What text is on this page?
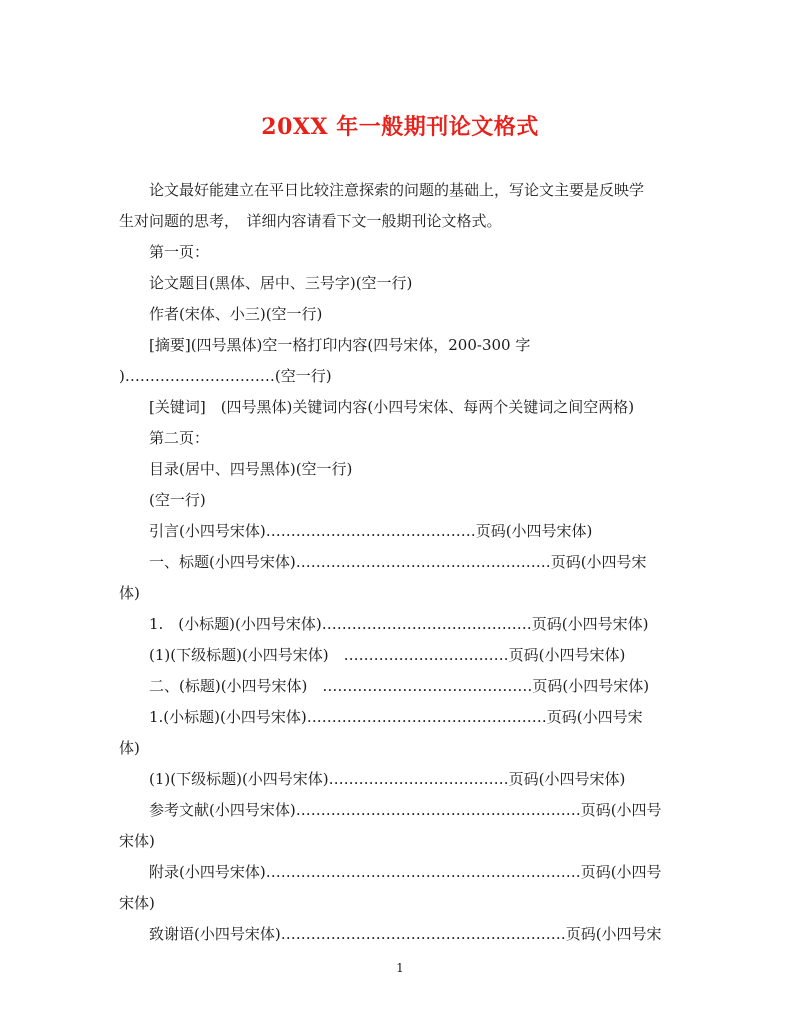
20XX 年一般期刊论文格式
　　论文最好能建立在平日比较注意探索的问题的基础上，写论文主要是反映学
生对问题的思考，　详细内容请看下文一般期刊论文格式。
　　第一页：
　　论文题目(黑体、居中、三号字)(空一行)
　　作者(宋体、小三)(空一行)
　　[摘要](四号黑体)空一格打印内容(四号宋体，200-300 字
)…………………………(空一行)
　　[关键词]　(四号黑体)关键词内容(小四号宋体、每两个关键词之间空两格)
　　第二页：
　　目录(居中、四号黑体)(空一行)
　　(空一行)
　　引言(小四号宋体)……………………………………页码(小四号宋体)
　　一、标题(小四号宋体)……………………………………………页码(小四号宋
体)
　　1.　(小标题)(小四号宋体)……………………………………页码(小四号宋体)
　　(1)(下级标题)(小四号宋体)　……………………………页码(小四号宋体)
　　二、(标题)(小四号宋体)　……………………………………页码(小四号宋体)
　　1.(小标题)(小四号宋体)…………………………………………页码(小四号宋
体)
　　(1)(下级标题)(小四号宋体)………………………………页码(小四号宋体)
　　参考文献(小四号宋体)…………………………………………………页码(小四号
宋体)
　　附录(小四号宋体)………………………………………………………页码(小四号
宋体)
　　致谢语(小四号宋体)…………………………………………………页码(小四号宋
1
